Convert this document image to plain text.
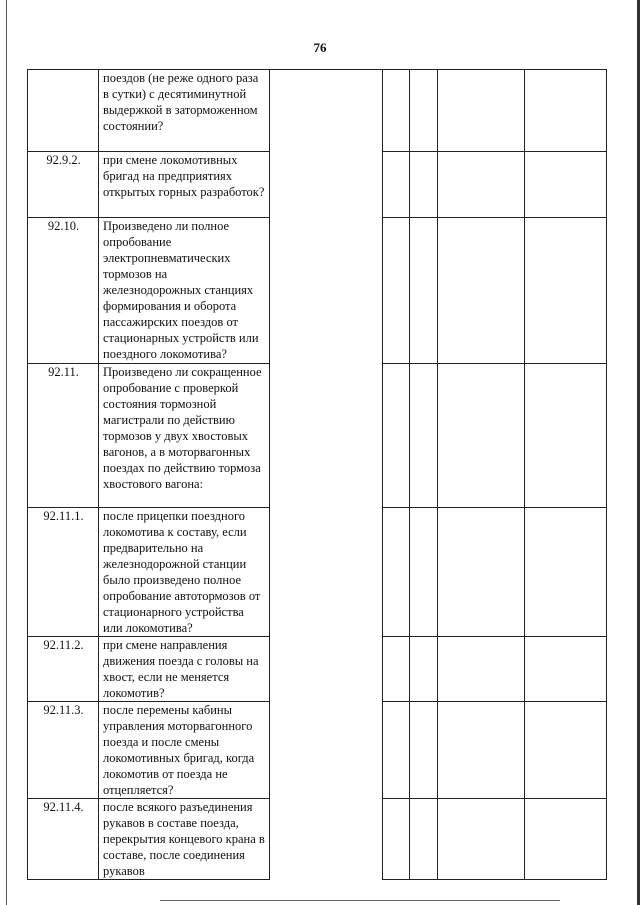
76
	поездов (не реже одного раза в сутки) с десятиминутной выдержкой в заторможенном состоянии?					
92.9.2.	при смене локомотивных бригад на предприятиях открытых горных разработок?					
92.10.	Произведено ли полное опробование электропневматических тормозов на железнодорожных станциях формирования и оборота пассажирских поездов от стационарных устройств или поездного локомотива?					
92.11.	Произведено ли сокращенное опробование с проверкой состояния тормозной магистрали по действию тормозов у двух хвостовых вагонов, а в моторвагонных поездах по действию тормоза хвостового вагона:					
92.11.1.	после прицепки поездного локомотива к составу, если предварительно на железнодорожной станции было произведено полное опробование автотормозов от стационарного устройства или локомотива?					
92.11.2.	при смене направления движения поезда с головы на хвост, если не меняется локомотив?					
92.11.3.	после перемены кабины управления моторвагонного поезда и после смены локомотивных бригад, когда локомотив от поезда не отцепляется?					
92.11.4.	после всякого разъединения рукавов в составе поезда, перекрытия концевого крана в составе, после соединения рукавов					
